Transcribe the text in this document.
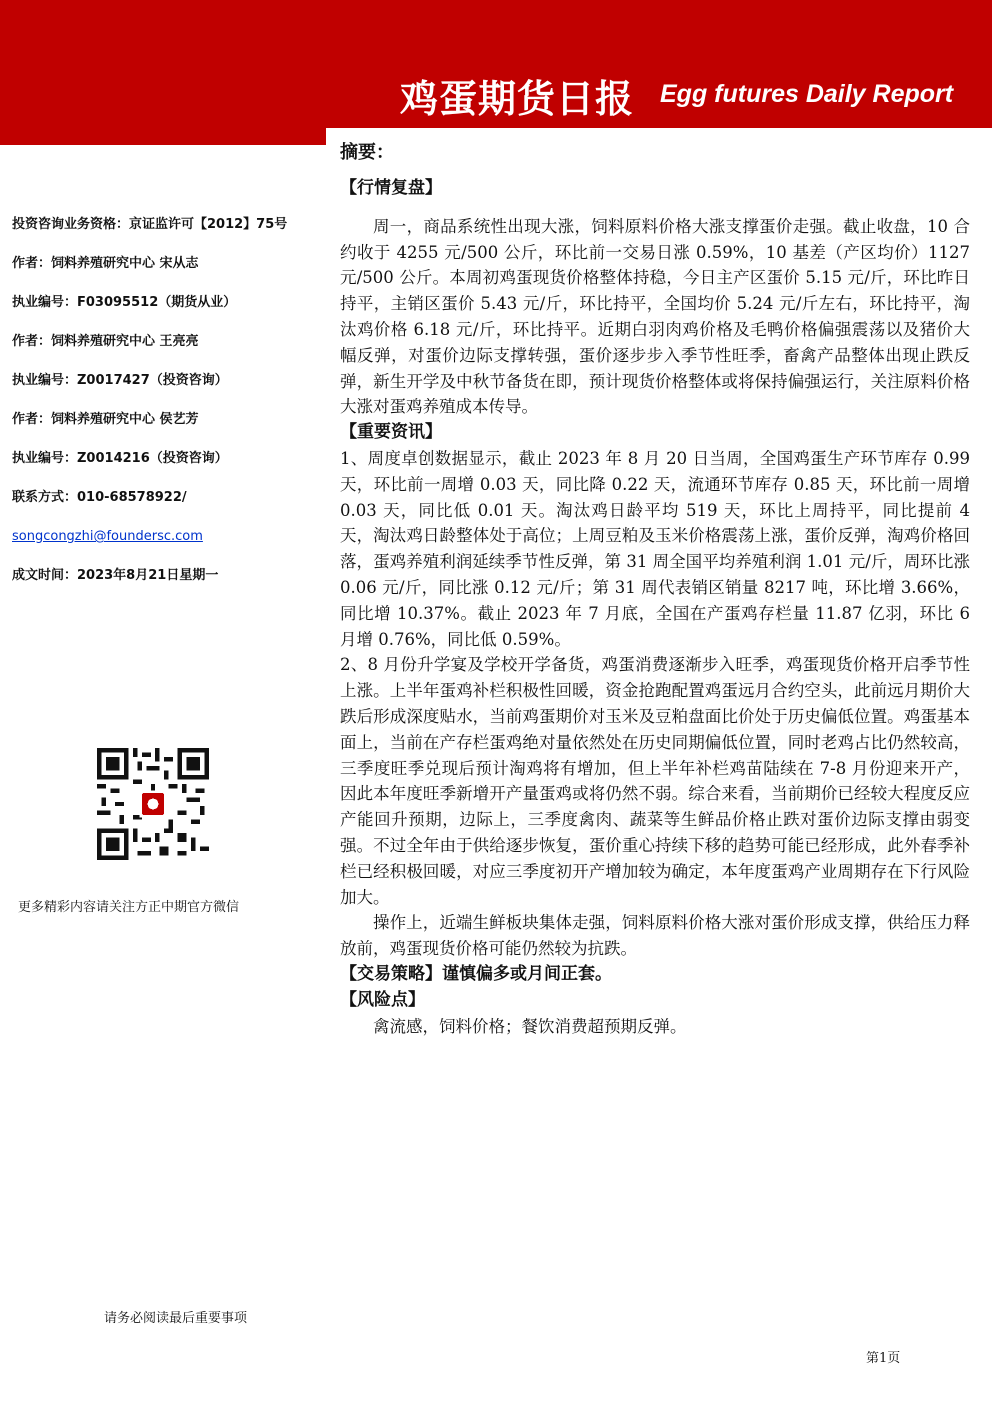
鸡蛋期货日报 Egg futures Daily Report
投资咨询业务资格：京证监许可【2012】75号
作者：饲料养殖研究中心 宋从志
执业编号：F03095512（期货从业）
作者：饲料养殖研究中心 王亮亮
执业编号：Z0017427（投资咨询）
作者：饲料养殖研究中心 侯艺芳
执业编号：Z0014216（投资咨询）
联系方式：010-68578922/
songcongzhi@foundersc.com
成文时间：2023年8月21日星期一
更多精彩内容请关注方正中期官方微信
请务必阅读最后重要事项
第1页
摘要：
【行情复盘】

周一，商品系统性出现大涨，饲料原料价格大涨支撑蛋价走强。截止收盘，10 合约收于 4255 元/500 公斤，环比前一交易日涨 0.59%，10 基差（产区均价）1127 元/500 公斤。本周初鸡蛋现货价格整体持稳，今日主产区蛋价 5.15 元/斤，环比昨日持平，主销区蛋价 5.43 元/斤，环比持平，全国均价 5.24 元/斤左右，环比持平，淘汰鸡价格 6.18 元/斤，环比持平。近期白羽肉鸡价格及毛鸭价格偏强震荡以及猪价大幅反弹，对蛋价边际支撑转强，蛋价逐步步入季节性旺季，畜禽产品整体出现止跌反弹，新生开学及中秋节备货在即，预计现货价格整体或将保持偏强运行，关注原料价格大涨对蛋鸡养殖成本传导。

【重要资讯】

1、周度卓创数据显示，截止 2023 年 8 月 20 日当周，全国鸡蛋生产环节库存 0.99 天，环比前一周增 0.03 天，同比降 0.22 天，流通环节库存 0.85 天，环比前一周增 0.03 天，同比低 0.01 天。淘汰鸡日龄平均 519 天，环比上周持平，同比提前 4 天，淘汰鸡日龄整体处于高位；上周豆粕及玉米价格震荡上涨，蛋价反弹，淘鸡价格回落，蛋鸡养殖利润延续季节性反弹，第 31 周全国平均养殖利润 1.01 元/斤，周环比涨 0.06 元/斤，同比涨 0.12 元/斤；第 31 周代表销区销量 8217 吨，环比增 3.66%，同比增 10.37%。截止 2023 年 7 月底，全国在产蛋鸡存栏量 11.87 亿羽，环比 6 月增 0.76%，同比低 0.59%。

2、8 月份升学宴及学校开学备货，鸡蛋消费逐渐步入旺季，鸡蛋现货价格开启季节性上涨。上半年蛋鸡补栏积极性回暖，资金抢跑配置鸡蛋远月合约空头，此前远月期价大跌后形成深度贴水，当前鸡蛋期价对玉米及豆粕盘面比价处于历史偏低位置。鸡蛋基本面上，当前在产存栏蛋鸡绝对量依然处在历史同期偏低位置，同时老鸡占比仍然较高，三季度旺季兑现后预计淘鸡将有增加，但上半年补栏鸡苗陆续在 7-8 月份迎来开产，因此本年度旺季新增开产量蛋鸡或将仍然不弱。综合来看，当前期价已经较大程度反应产能回升预期，边际上，三季度禽肉、蔬菜等生鲜品价格止跌对蛋价边际支撑由弱变强。不过全年由于供给逐步恢复，蛋价重心持续下移的趋势可能已经形成，此外春季补栏已经积极回暖，对应三季度初开产增加较为确定，本年度蛋鸡产业周期存在下行风险加大。

操作上，近端生鲜板块集体走强，饲料原料价格大涨对蛋价形成支撑，供给压力释放前，鸡蛋现货价格可能仍然较为抗跌。

【交易策略】谨慎偏多或月间正套。
【风险点】

禽流感，饲料价格；餐饮消费超预期反弹。
